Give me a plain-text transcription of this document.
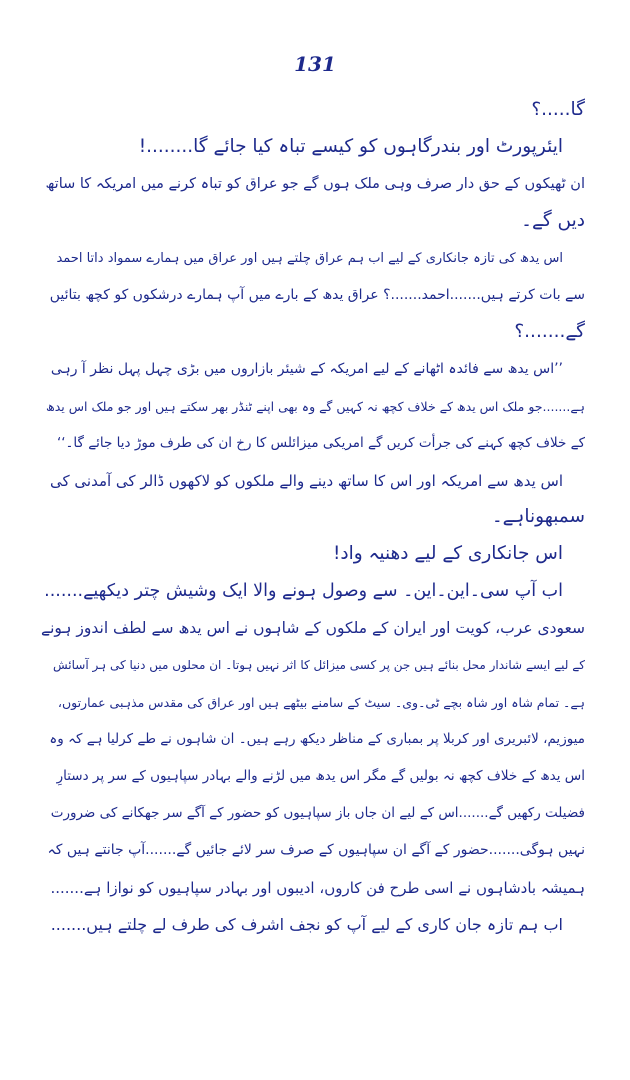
131
گا.....؟
ایئرپورٹ اور بندرگاہوں کو کیسے تباہ کیا جائے گا........!
ان ٹھیکوں کے حق دار صرف وہی ملک ہوں گے جو عراق کو تباہ کرنے میں امریکہ کا ساتھ
دیں گے۔
اس یدھ کی تازہ جانکاری کے لیے اب ہم عراق چلتے ہیں اور عراق میں ہمارے سمواد داتا احمد
سے بات کرتے ہیں.......احمد.......؟ عراق یدھ کے بارے میں آپ ہمارے درشکوں کو کچھ بتائیں
گے.......؟
’’اس یدھ سے فائدہ اٹھانے کے لیے امریکہ کے شیئر بازاروں میں بڑی چہل پہل نظر آ رہی
ہے.......جو ملک اس یدھ کے خلاف کچھ نہ کہیں گے وہ بھی اپنے ٹنڈر بھر سکتے ہیں اور جو ملک اس یدھ
کے خلاف کچھ کہنے کی جرأت کریں گے امریکی میزائلس کا رخ ان کی طرف موڑ دیا جائے گا۔‘‘
اس یدھ سے امریکہ اور اس کا ساتھ دینے والے ملکوں کو لاکھوں ڈالر کی آمدنی کی
سمبھوناہے۔
اس جانکاری کے لیے دھنیہ واد!
اب آپ سی۔این۔این۔ سے وصول ہونے والا ایک وشیش چتر دیکھیے.......
سعودی عرب، کویت اور ایران کے ملکوں کے شاہوں نے اس یدھ سے لطف اندوز ہونے
کے لیے ایسے شاندار محل بنائے ہیں جن پر کسی میزائل کا اثر نہیں ہوتا۔ ان محلوں میں دنیا کی ہر آسائش
ہے۔ تمام شاہ اور شاہ بچے ٹی۔وی۔ سیٹ کے سامنے بیٹھے ہیں اور عراق کی مقدس مذہبی عمارتوں،
میوزیم، لائبریری اور کربلا پر بمباری کے مناظر دیکھ رہے ہیں۔ ان شاہوں نے طے کرلیا ہے کہ وہ
اس یدھ کے خلاف کچھ نہ بولیں گے مگر اس یدھ میں لڑنے والے بہادر سپاہیوں کے سر پر دستارِ
فضیلت رکھیں گے.......اس کے لیے ان جاں باز سپاہیوں کو حضور کے آگے سر جھکانے کی ضرورت
نہیں ہوگی.......حضور کے آگے ان سپاہیوں کے صرف سر لائے جائیں گے.......آپ جانتے ہیں کہ
ہمیشہ بادشاہوں نے اسی طرح فن کاروں، ادیبوں اور بہادر سپاہیوں کو نوازا ہے.......
اب ہم تازہ جان کاری کے لیے آپ کو نجف اشرف کی طرف لے چلتے ہیں.......
